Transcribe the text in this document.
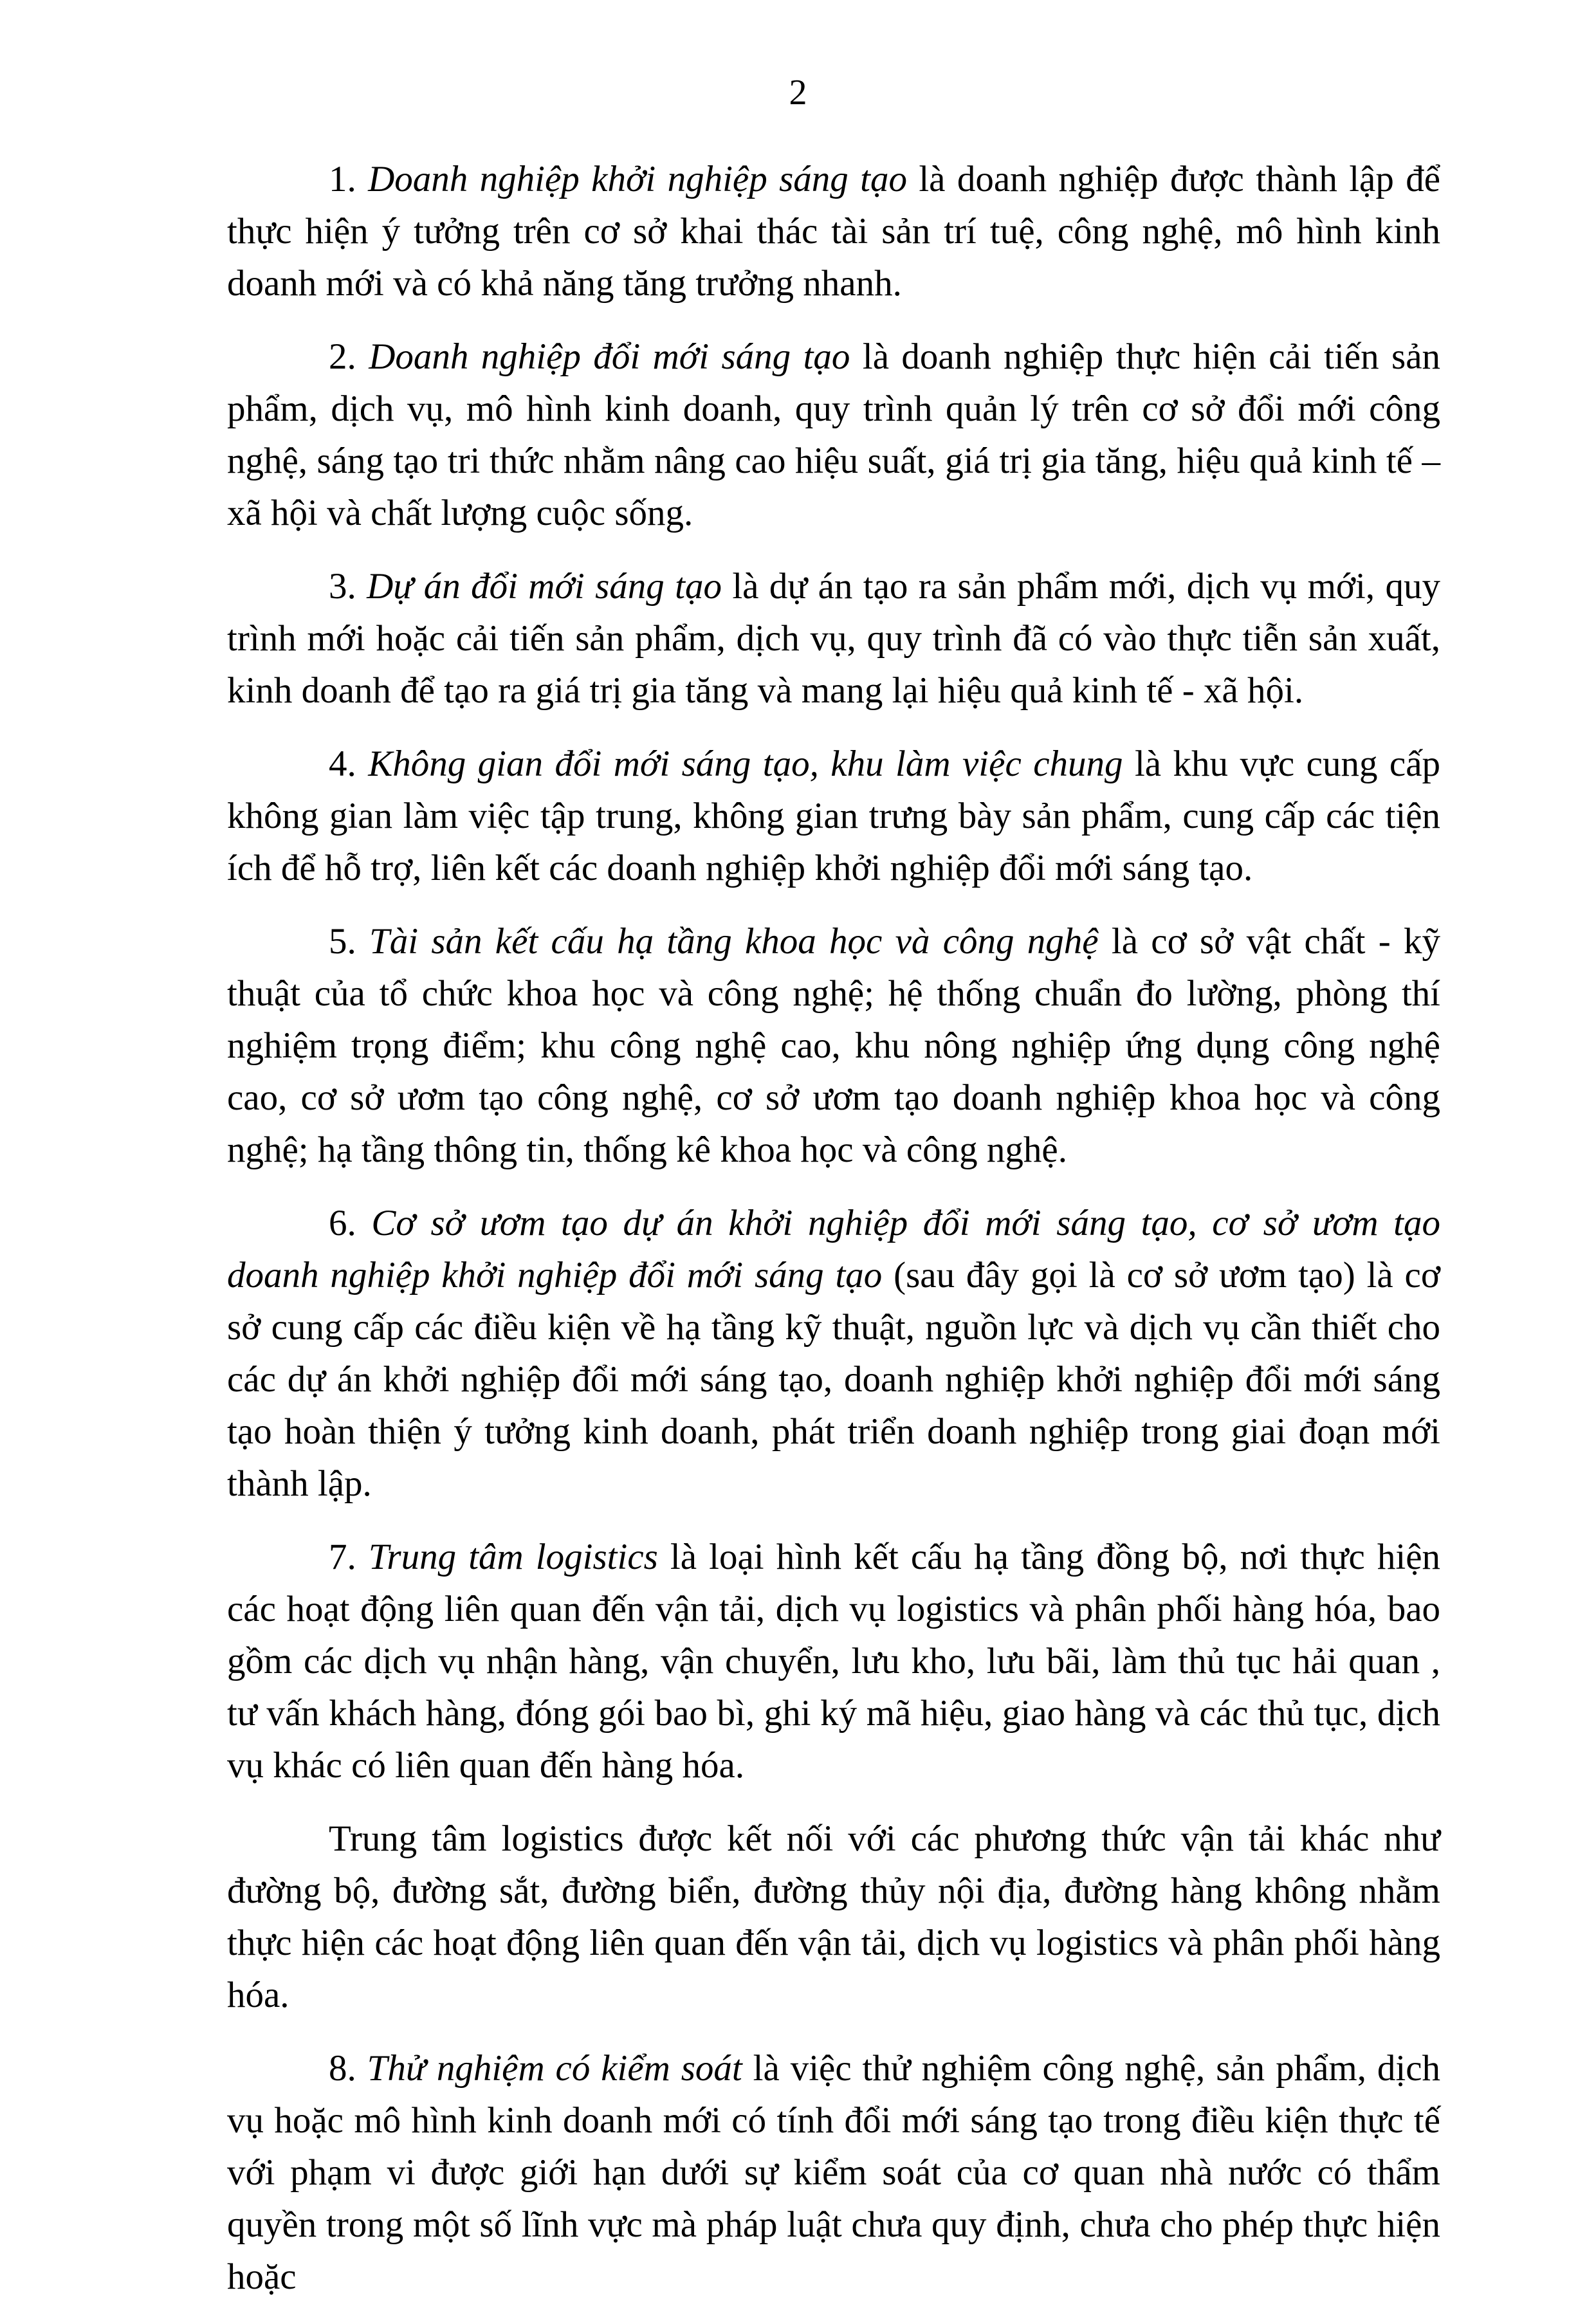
2

1. Doanh nghiệp khởi nghiệp sáng tạo là doanh nghiệp được thành lập để thực hiện ý tưởng trên cơ sở khai thác tài sản trí tuệ, công nghệ, mô hình kinh doanh mới và có khả năng tăng trưởng nhanh.

2. Doanh nghiệp đổi mới sáng tạo là doanh nghiệp thực hiện cải tiến sản phẩm, dịch vụ, mô hình kinh doanh, quy trình quản lý trên cơ sở đổi mới công nghệ, sáng tạo tri thức nhằm nâng cao hiệu suất, giá trị gia tăng, hiệu quả kinh tế – xã hội và chất lượng cuộc sống.

3. Dự án đổi mới sáng tạo là dự án tạo ra sản phẩm mới, dịch vụ mới, quy trình mới hoặc cải tiến sản phẩm, dịch vụ, quy trình đã có vào thực tiễn sản xuất, kinh doanh để tạo ra giá trị gia tăng và mang lại hiệu quả kinh tế - xã hội.

4. Không gian đổi mới sáng tạo, khu làm việc chung là khu vực cung cấp không gian làm việc tập trung, không gian trưng bày sản phẩm, cung cấp các tiện ích để hỗ trợ, liên kết các doanh nghiệp khởi nghiệp đổi mới sáng tạo.

5. Tài sản kết cấu hạ tầng khoa học và công nghệ là cơ sở vật chất - kỹ thuật của tổ chức khoa học và công nghệ; hệ thống chuẩn đo lường, phòng thí nghiệm trọng điểm; khu công nghệ cao, khu nông nghiệp ứng dụng công nghệ cao, cơ sở ươm tạo công nghệ, cơ sở ươm tạo doanh nghiệp khoa học và công nghệ; hạ tầng thông tin, thống kê khoa học và công nghệ.

6. Cơ sở ươm tạo dự án khởi nghiệp đổi mới sáng tạo, cơ sở ươm tạo doanh nghiệp khởi nghiệp đổi mới sáng tạo (sau đây gọi là cơ sở ươm tạo) là cơ sở cung cấp các điều kiện về hạ tầng kỹ thuật, nguồn lực và dịch vụ cần thiết cho các dự án khởi nghiệp đổi mới sáng tạo, doanh nghiệp khởi nghiệp đổi mới sáng tạo hoàn thiện ý tưởng kinh doanh, phát triển doanh nghiệp trong giai đoạn mới thành lập.

7. Trung tâm logistics là loại hình kết cấu hạ tầng đồng bộ, nơi thực hiện các hoạt động liên quan đến vận tải, dịch vụ logistics và phân phối hàng hóa, bao gồm các dịch vụ nhận hàng, vận chuyển, lưu kho, lưu bãi, làm thủ tục hải quan , tư vấn khách hàng, đóng gói bao bì, ghi ký mã hiệu, giao hàng và các thủ tục, dịch vụ khác có liên quan đến hàng hóa.

Trung tâm logistics được kết nối với các phương thức vận tải khác như đường bộ, đường sắt, đường biển, đường thủy nội địa, đường hàng không nhằm thực hiện các hoạt động liên quan đến vận tải, dịch vụ logistics và phân phối hàng hóa.

8. Thử nghiệm có kiểm soát là việc thử nghiệm công nghệ, sản phẩm, dịch vụ hoặc mô hình kinh doanh mới có tính đổi mới sáng tạo trong điều kiện thực tế với phạm vi được giới hạn dưới sự kiểm soát của cơ quan nhà nước có thẩm quyền trong một số lĩnh vực mà pháp luật chưa quy định, chưa cho phép thực hiện hoặc
